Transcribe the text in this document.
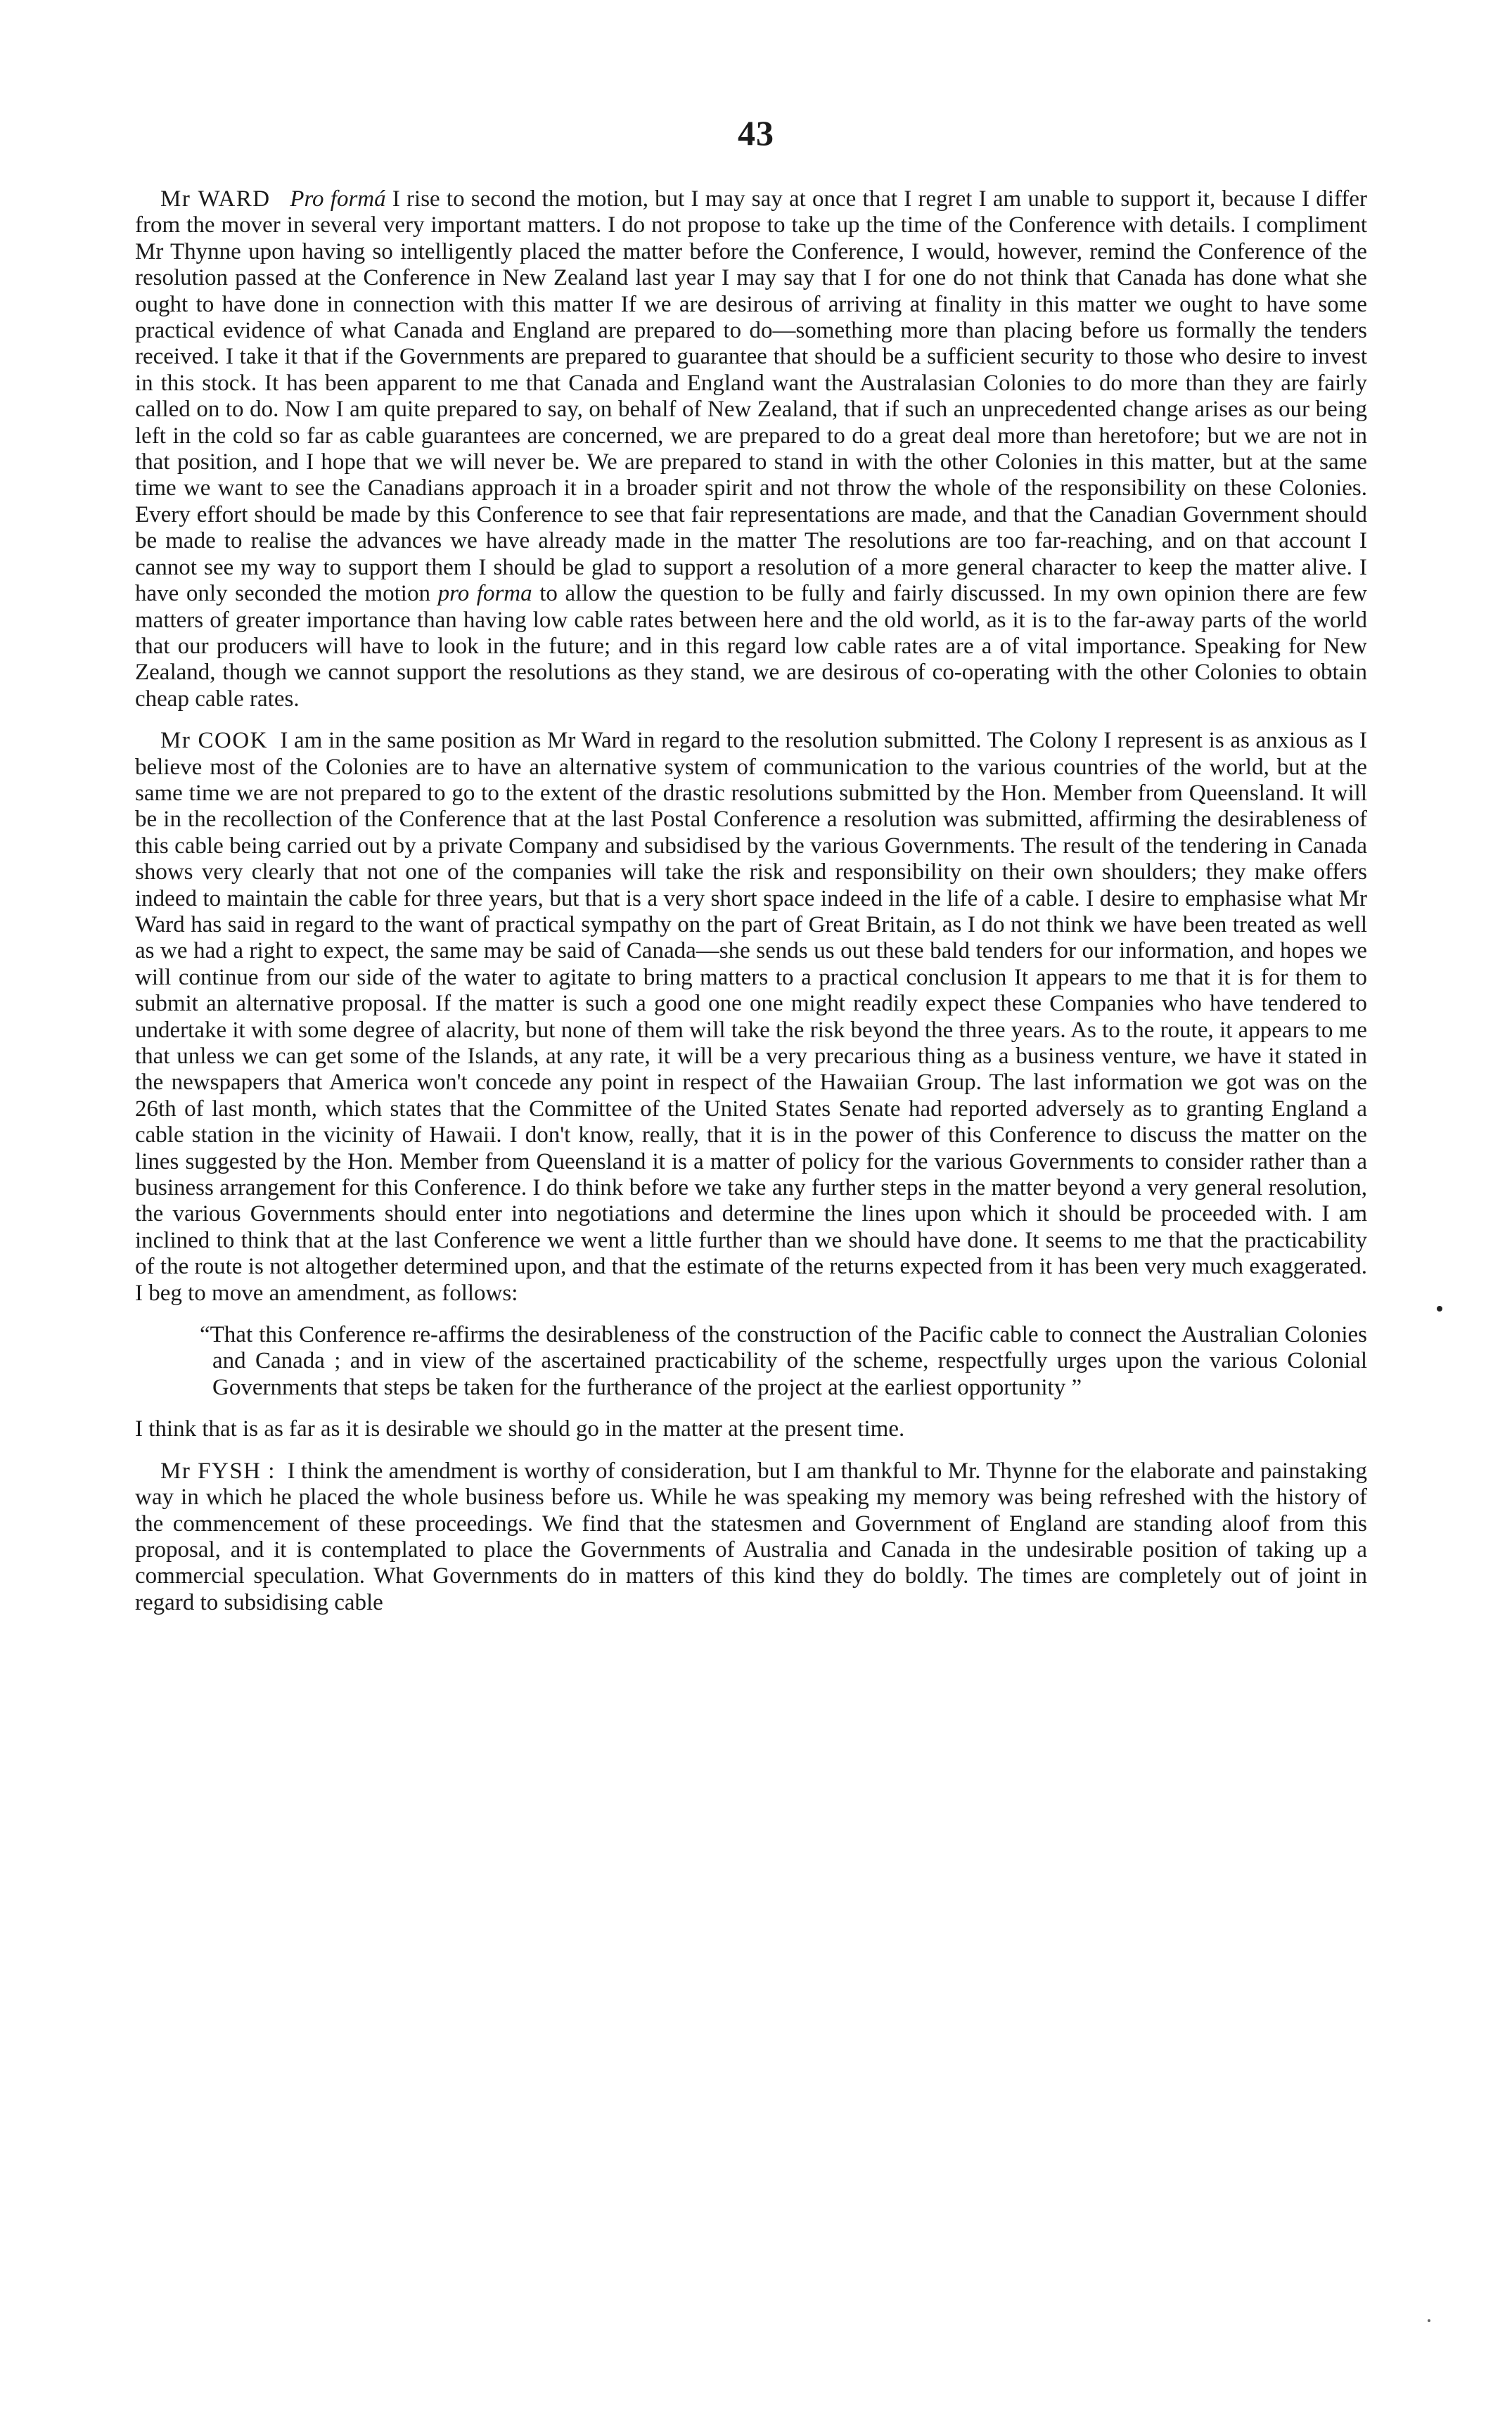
43

Mr WARD Pro formá I rise to second the motion, but I may say at once that I regret I am unable to support it, because I differ from the mover in several very important matters. I do not propose to take up the time of the Conference with details. I compliment Mr Thynne upon having so intelligently placed the matter before the Conference, I would, however, remind the Conference of the resolution passed at the Conference in New Zealand last year I may say that I for one do not think that Canada has done what she ought to have done in connection with this matter If we are desirous of arriving at finality in this matter we ought to have some practical evidence of what Canada and England are prepared to do—something more than placing before us formally the tenders received. I take it that if the Governments are prepared to guarantee that should be a sufficient security to those who desire to invest in this stock. It has been apparent to me that Canada and England want the Australasian Colonies to do more than they are fairly called on to do. Now I am quite prepared to say, on behalf of New Zealand, that if such an unprecedented change arises as our being left in the cold so far as cable guarantees are concerned, we are prepared to do a great deal more than heretofore; but we are not in that position, and I hope that we will never be. We are prepared to stand in with the other Colonies in this matter, but at the same time we want to see the Canadians approach it in a broader spirit and not throw the whole of the responsibility on these Colonies. Every effort should be made by this Conference to see that fair representations are made, and that the Canadian Government should be made to realise the advances we have already made in the matter The resolutions are too far-reaching, and on that account I cannot see my way to support them I should be glad to support a resolution of a more general character to keep the matter alive. I have only seconded the motion pro forma to allow the question to be fully and fairly discussed. In my own opinion there are few matters of greater importance than having low cable rates between here and the old world, as it is to the far-away parts of the world that our producers will have to look in the future; and in this regard low cable rates are a of vital importance. Speaking for New Zealand, though we cannot support the resolutions as they stand, we are desirous of co-operating with the other Colonies to obtain cheap cable rates.

Mr COOK I am in the same position as Mr Ward in regard to the resolution submitted. The Colony I represent is as anxious as I believe most of the Colonies are to have an alternative system of communication to the various countries of the world, but at the same time we are not prepared to go to the extent of the drastic resolutions submitted by the Hon. Member from Queensland. It will be in the recollection of the Conference that at the last Postal Conference a resolution was submitted, affirming the desirableness of this cable being carried out by a private Company and subsidised by the various Governments. The result of the tendering in Canada shows very clearly that not one of the companies will take the risk and responsibility on their own shoulders; they make offers indeed to maintain the cable for three years, but that is a very short space indeed in the life of a cable. I desire to emphasise what Mr Ward has said in regard to the want of practical sympathy on the part of Great Britain, as I do not think we have been treated as well as we had a right to expect, the same may be said of Canada—she sends us out these bald tenders for our information, and hopes we will continue from our side of the water to agitate to bring matters to a practical conclusion It appears to me that it is for them to submit an alternative proposal. If the matter is such a good one one might readily expect these Companies who have tendered to undertake it with some degree of alacrity, but none of them will take the risk beyond the three years. As to the route, it appears to me that unless we can get some of the Islands, at any rate, it will be a very precarious thing as a business venture, we have it stated in the newspapers that America won't concede any point in respect of the Hawaiian Group. The last information we got was on the 26th of last month, which states that the Committee of the United States Senate had reported adversely as to granting England a cable station in the vicinity of Hawaii. I don't know, really, that it is in the power of this Conference to discuss the matter on the lines suggested by the Hon. Member from Queensland it is a matter of policy for the various Governments to consider rather than a business arrangement for this Conference. I do think before we take any further steps in the matter beyond a very general resolution, the various Governments should enter into negotiations and determine the lines upon which it should be proceeded with. I am inclined to think that at the last Conference we went a little further than we should have done. It seems to me that the practicability of the route is not altogether determined upon, and that the estimate of the returns expected from it has been very much exaggerated. I beg to move an amendment, as follows:

“That this Conference re-affirms the desirableness of the construction of the Pacific cable to connect the Australian Colonies and Canada ; and in view of the ascertained practicability of the scheme, respectfully urges upon the various Colonial Governments that steps be taken for the furtherance of the project at the earliest opportunity ”

I think that is as far as it is desirable we should go in the matter at the present time.

Mr FYSH : I think the amendment is worthy of consideration, but I am thankful to Mr. Thynne for the elaborate and painstaking way in which he placed the whole business before us. While he was speaking my memory was being refreshed with the history of the commencement of these proceedings. We find that the statesmen and Government of England are standing aloof from this proposal, and it is contemplated to place the Governments of Australia and Canada in the undesirable position of taking up a commercial speculation. What Governments do in matters of this kind they do boldly. The times are completely out of joint in regard to subsidising cable
